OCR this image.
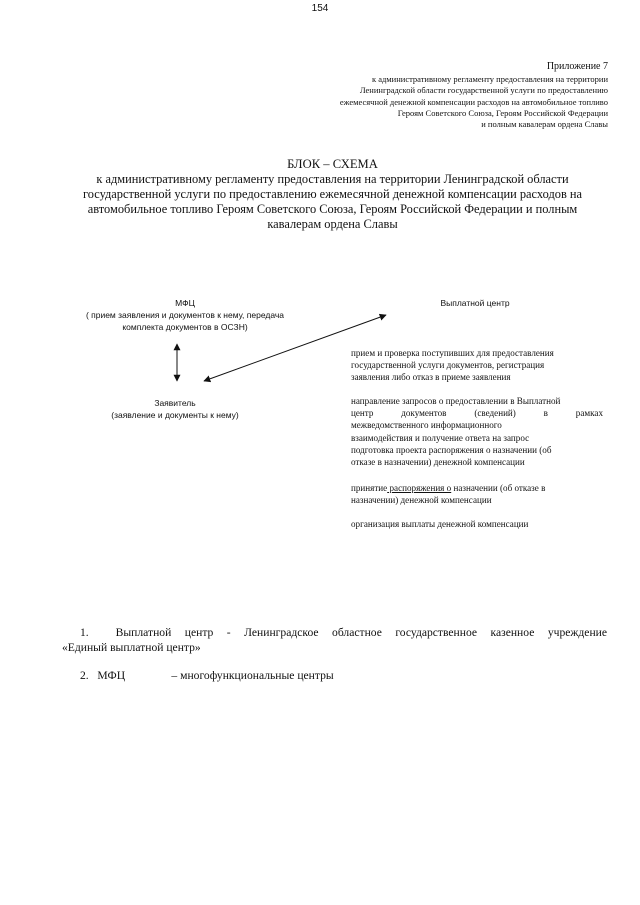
154
Приложение 7
к административному регламенту предоставления на территории
Ленинградской области государственной услуги по предоставлению
ежемесячной денежной компенсации расходов на автомобильное топливо
Героям Советского Союза, Героям Российской Федерации
и полным кавалерам ордена Славы
БЛОК – СХЕМА
к административному регламенту предоставления на территории Ленинградской области
государственной услуги по предоставлению ежемесячной денежной компенсации расходов на
автомобильное топливо Героям Советского Союза, Героям Российской Федерации и полным
кавалерам ордена Славы
МФЦ
( прием заявления и документов к нему, передача
комплекта документов в ОСЗН)
Выплатной центр
Заявитель
(заявление и документы к нему)

прием и проверка поступивших для предоставления

государственной услуги документов, регистрация

заявления либо отказ в приеме заявления

направление запросов о предоставлении в Выплатной

центр документов (сведений) в рамках

межведомственного информационного

взаимодействия и получение ответа на запрос

подготовка проекта распоряжения о назначении (об

отказе в назначении) денежной компенсации

принятие распоряжения о назначении (об отказе в

назначении) денежной компенсации

организация выплаты денежной компенсации

1. Выплатной центр - Ленинградское областное государственное казенное учреждение
«Единый выплатной центр»
2. МФЦ	– многофункциональные центры
